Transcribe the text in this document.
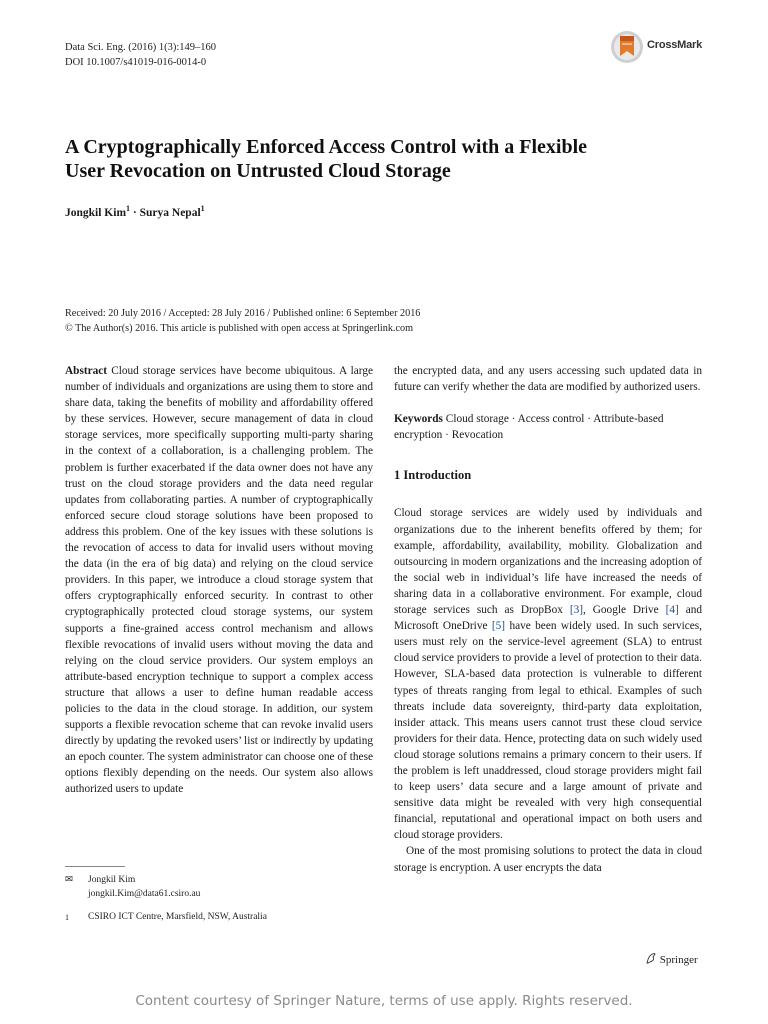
Data Sci. Eng. (2016) 1(3):149–160
DOI 10.1007/s41019-016-0014-0
CrossMark
A Cryptographically Enforced Access Control with a Flexible
User Revocation on Untrusted Cloud Storage
Jongkil Kim$^1$ · Surya Nepal$^1$
Received: 20 July 2016 / Accepted: 28 July 2016 / Published online: 6 September 2016
© The Author(s) 2016. This article is published with open access at Springerlink.com

Abstract Cloud storage services have become ubiquitous. A large number of individuals and organizations are using them to store and share data, taking the benefits of mobility and affordability offered by these services. However, secure management of data in cloud storage services, more specifically supporting multi-party sharing in the context of a collaboration, is a challenging problem. The problem is further exacerbated if the data owner does not have any trust on the cloud storage providers and the data need regular updates from collaborating parties. A number of cryptographically enforced secure cloud storage solutions have been proposed to address this problem. One of the key issues with these solutions is the revocation of access to data for invalid users without moving the data (in the era of big data) and relying on the cloud service providers. In this paper, we introduce a cloud storage system that offers cryptographically enforced security. In contrast to other cryptographically protected cloud storage systems, our system supports a fine-grained access control mechanism and allows flexible revocations of invalid users without moving the data and relying on the cloud service providers. Our system employs an attribute-based encryption technique to support a complex access structure that allows a user to define human readable access policies to the data in the cloud storage. In addition, our system supports a flexible revocation scheme that can revoke invalid users directly by updating the revoked users’ list or indirectly by updating an epoch counter. The system administrator can choose one of these options flexibly depending on the needs. Our system also allows authorized users to update

the encrypted data, and any users accessing such updated data in future can verify whether the data are modified by authorized users.

Keywords Cloud storage · Access control · Attribute-based encryption · Revocation

1 Introduction

Cloud storage services are widely used by individuals and organizations due to the inherent benefits offered by them; for example, affordability, availability, mobility. Globalization and outsourcing in modern organizations and the increasing adoption of the social web in individual’s life have increased the needs of sharing data in a collaborative environment. For example, cloud storage services such as DropBox [3], Google Drive [4] and Microsoft OneDrive [5] have been widely used. In such services, users must rely on the service-level agreement (SLA) to entrust cloud service providers to provide a level of protection to their data. However, SLA-based data protection is vulnerable to different types of threats ranging from legal to ethical. Examples of such threats include data sovereignty, third-party data exploitation, insider attack. This means users cannot trust these cloud service providers for their data. Hence, protecting data on such widely used cloud storage solutions remains a primary concern to their users. If the problem is left unaddressed, cloud storage providers might fail to keep users’ data secure and a large amount of private and sensitive data might be revealed with very high consequential financial, reputational and operational impact on both users and cloud storage providers.

One of the most promising solutions to protect the data in cloud storage is encryption. A user encrypts the data

✉	Jongkil Kim
jongkil.Kim@data61.csiro.au
1	CSIRO ICT Centre, Marsfield, NSW, Australia
Springer
Content courtesy of Springer Nature, terms of use apply. Rights reserved.
